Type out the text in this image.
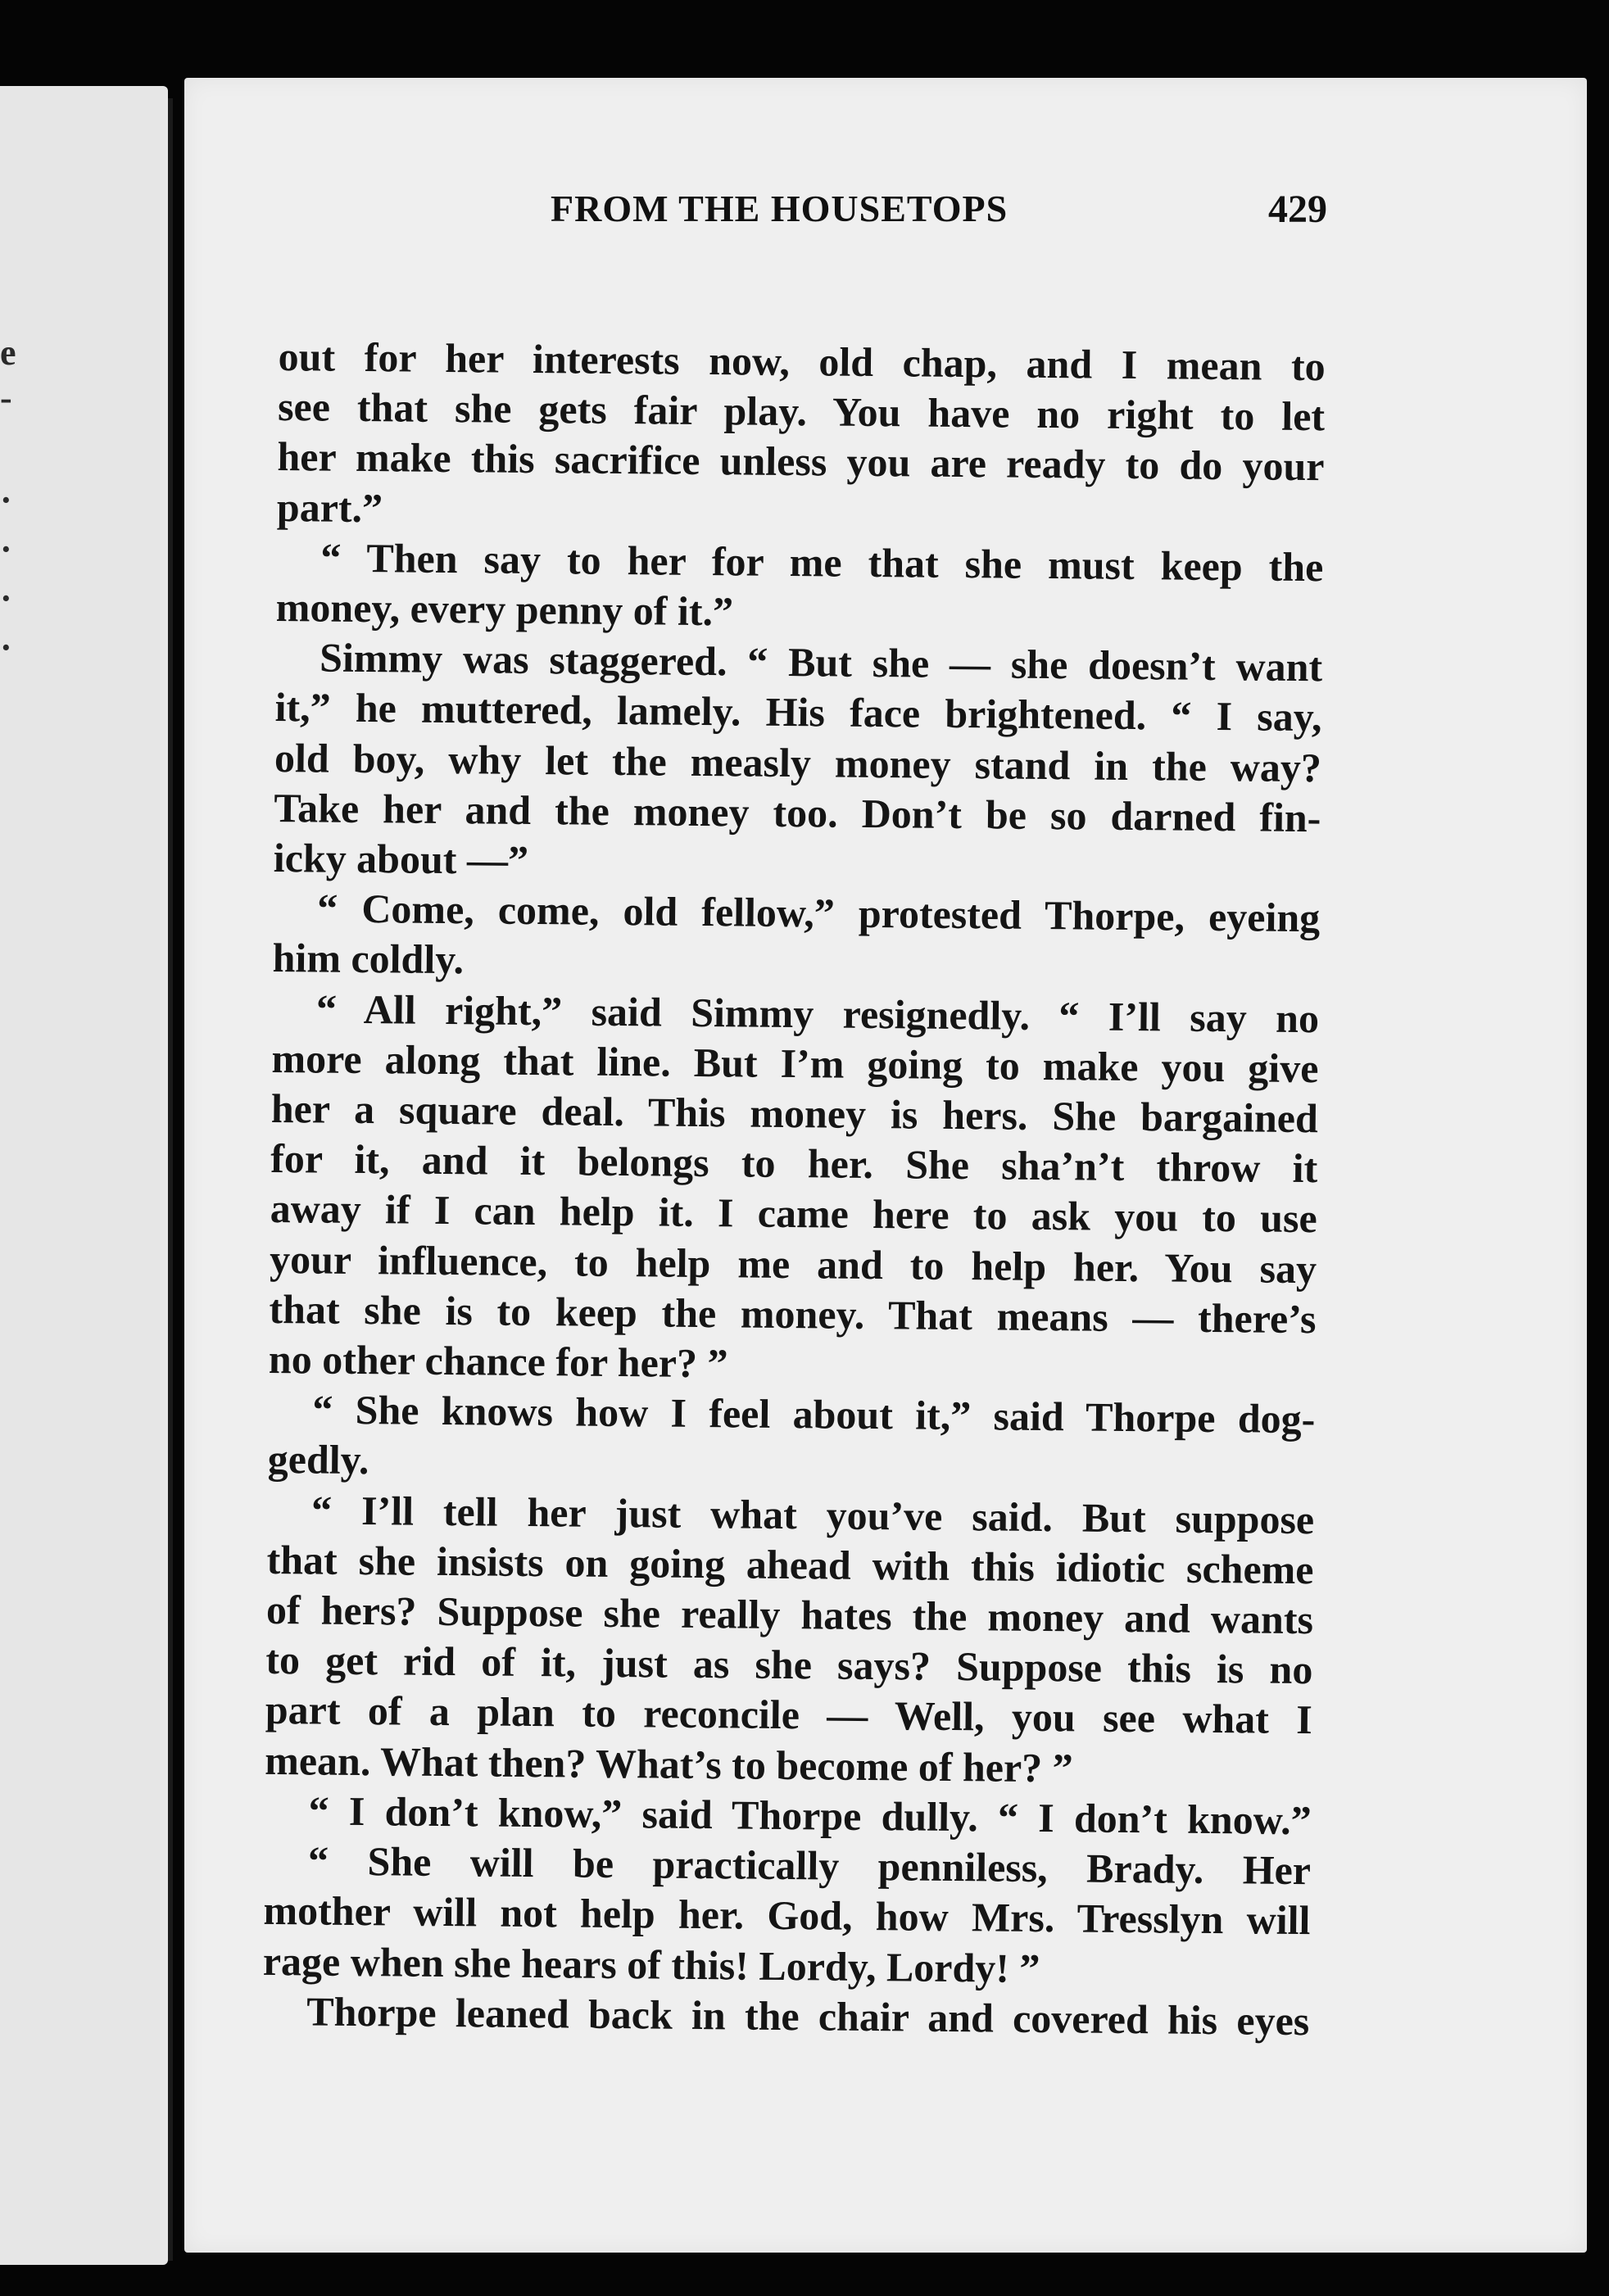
e
-
·
·
·
·
FROM THE HOUSETOPS	429
out for her interests now, old chap, and I mean to
see that she gets fair play. You have no right to let
her make this sacrifice unless you are ready to do your
part.”
“ Then say to her for me that she must keep the
money, every penny of it.”
Simmy was staggered. “ But she — she doesn’t want
it,” he muttered, lamely. His face brightened. “ I say,
old boy, why let the measly money stand in the way?
Take her and the money too. Don’t be so darned fin-
icky about —”
“ Come, come, old fellow,” protested Thorpe, eyeing
him coldly.
“ All right,” said Simmy resignedly. “ I’ll say no
more along that line. But I’m going to make you give
her a square deal. This money is hers. She bargained
for it, and it belongs to her. She sha’n’t throw it
away if I can help it. I came here to ask you to use
your influence, to help me and to help her. You say
that she is to keep the money. That means — there’s
no other chance for her? ”
“ She knows how I feel about it,” said Thorpe dog-
gedly.
“ I’ll tell her just what you’ve said. But suppose
that she insists on going ahead with this idiotic scheme
of hers? Suppose she really hates the money and wants
to get rid of it, just as she says? Suppose this is no
part of a plan to reconcile — Well, you see what I
mean. What then? What’s to become of her? ”
“ I don’t know,” said Thorpe dully. “ I don’t know.”
“ She will be practically penniless, Brady. Her
mother will not help her. God, how Mrs. Tresslyn will
rage when she hears of this! Lordy, Lordy! ”
Thorpe leaned back in the chair and covered his eyes
